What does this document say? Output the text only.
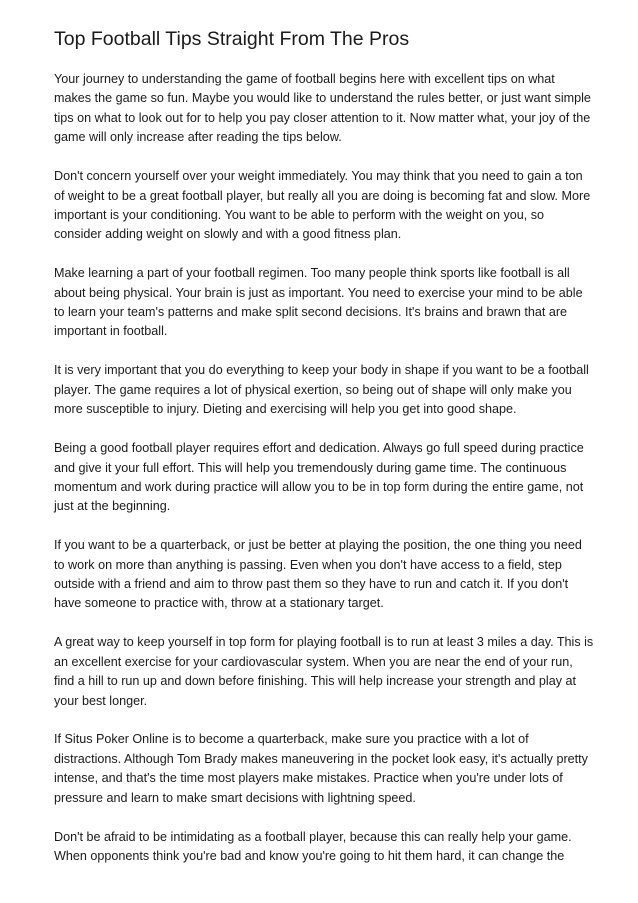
Top Football Tips Straight From The Pros

Your journey to understanding the game of football begins here with excellent tips on what makes the game so fun. Maybe you would like to understand the rules better, or just want simple tips on what to look out for to help you pay closer attention to it. Now matter what, your joy of the game will only increase after reading the tips below.

Don't concern yourself over your weight immediately. You may think that you need to gain a ton of weight to be a great football player, but really all you are doing is becoming fat and slow. More important is your conditioning. You want to be able to perform with the weight on you, so consider adding weight on slowly and with a good fitness plan.

Make learning a part of your football regimen. Too many people think sports like football is all about being physical. Your brain is just as important. You need to exercise your mind to be able to learn your team's patterns and make split second decisions. It's brains and brawn that are important in football.

It is very important that you do everything to keep your body in shape if you want to be a football player. The game requires a lot of physical exertion, so being out of shape will only make you more susceptible to injury. Dieting and exercising will help you get into good shape.

Being a good football player requires effort and dedication. Always go full speed during practice and give it your full effort. This will help you tremendously during game time. The continuous momentum and work during practice will allow you to be in top form during the entire game, not just at the beginning.

If you want to be a quarterback, or just be better at playing the position, the one thing you need to work on more than anything is passing. Even when you don't have access to a field, step outside with a friend and aim to throw past them so they have to run and catch it. If you don't have someone to practice with, throw at a stationary target.

A great way to keep yourself in top form for playing football is to run at least 3 miles a day. This is an excellent exercise for your cardiovascular system. When you are near the end of your run, find a hill to run up and down before finishing. This will help increase your strength and play at your best longer.

If Situs Poker Online is to become a quarterback, make sure you practice with a lot of distractions. Although Tom Brady makes maneuvering in the pocket look easy, it's actually pretty intense, and that's the time most players make mistakes. Practice when you're under lots of pressure and learn to make smart decisions with lightning speed.

Don't be afraid to be intimidating as a football player, because this can really help your game. When opponents think you're bad and know you're going to hit them hard, it can change the
